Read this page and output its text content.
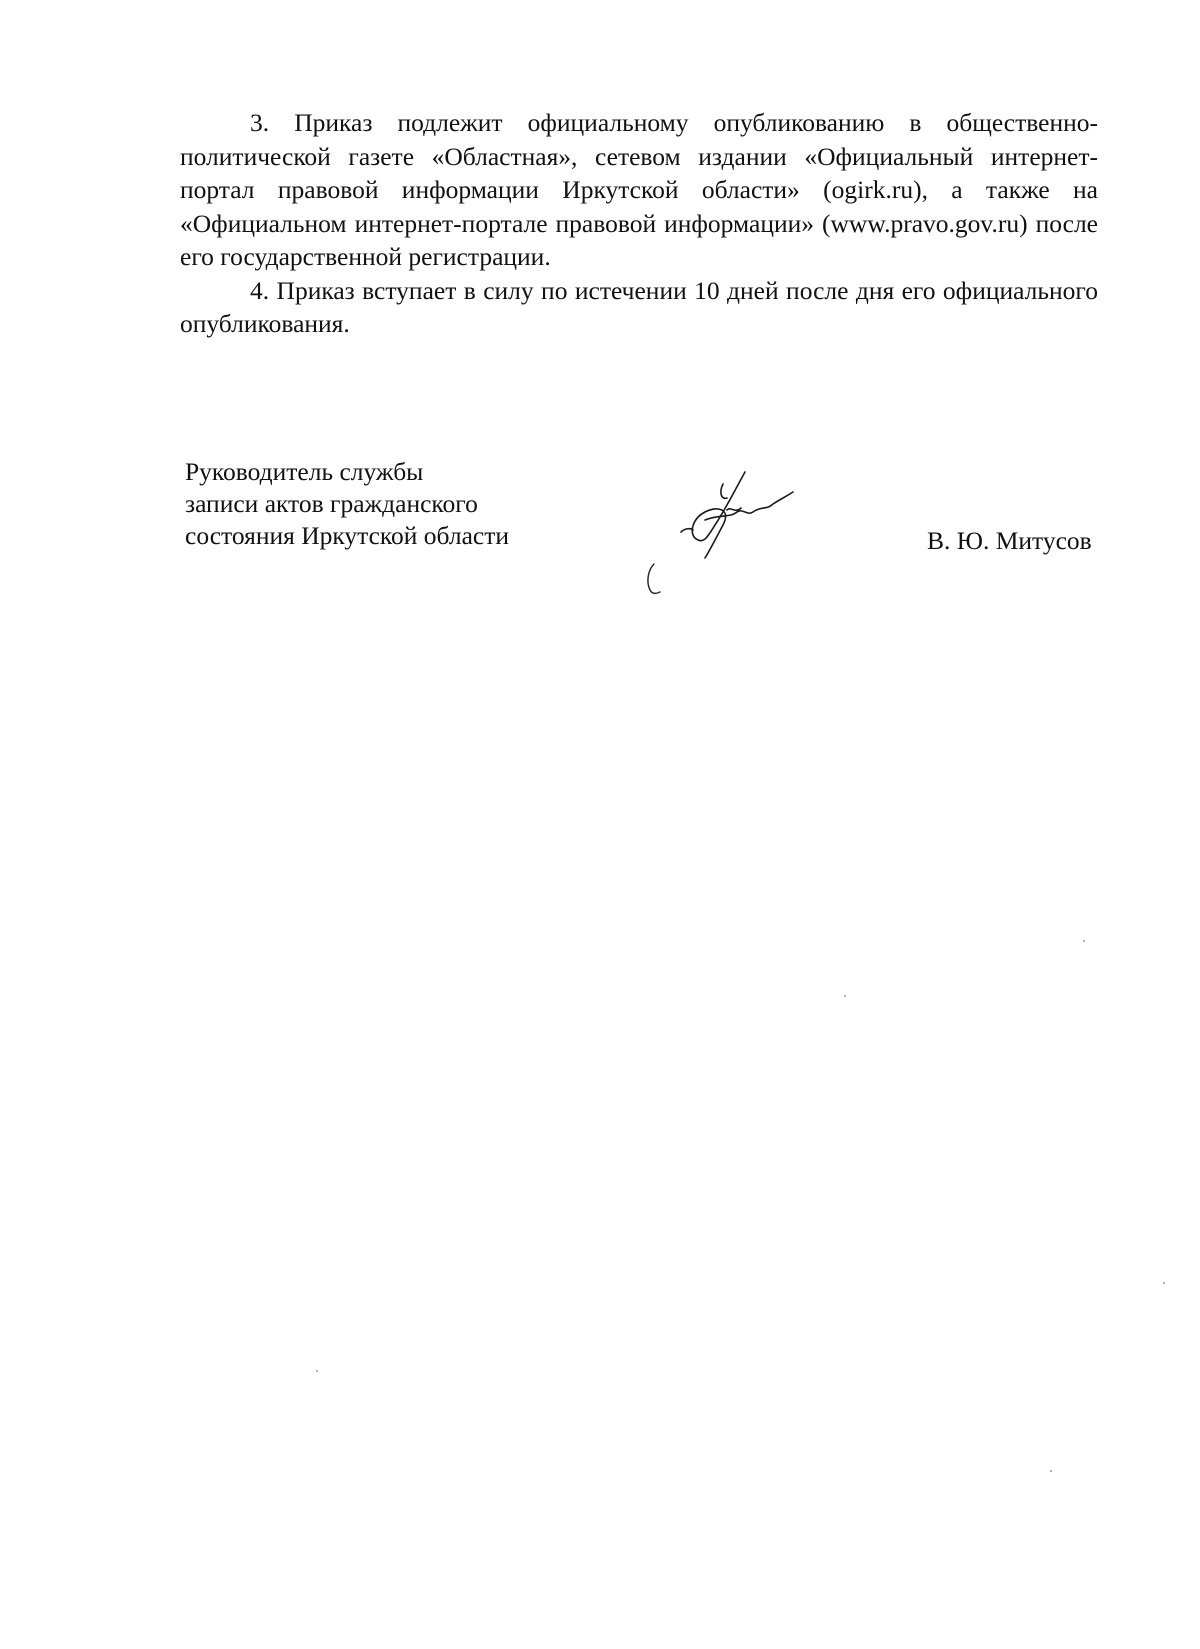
3. Приказ подлежит официальному опубликованию в общественно-политической газете «Областная», сетевом издании «Официальный интернет-портал правовой информации Иркутской области» (ogirk.ru), а также на «Официальном интернет-портале правовой информации» (www.pravo.gov.ru) после его государственной регистрации.

4. Приказ вступает в силу по истечении 10 дней после дня его официального опубликования.

Руководитель службы
записи актов гражданского
состояния Иркутской области	В. Ю. Митусов
